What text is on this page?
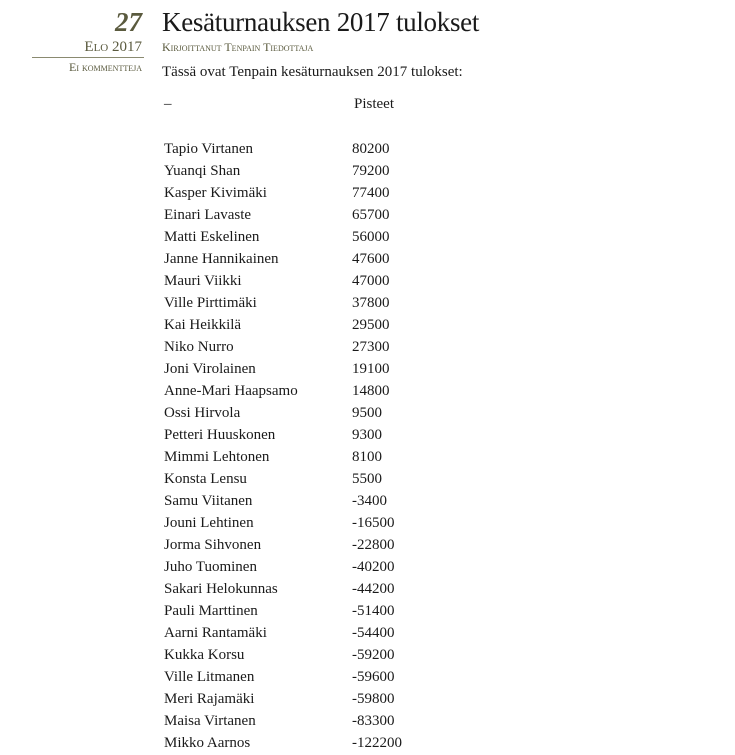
27
Elo 2017
Ei kommentteja
Kesäturnauksen 2017 tulokset
Kirjoittanut Tenpain Tiedottaja
Tässä ovat Tenpain kesäturnauksen 2017 tulokset:
–	Pisteet

Tapio Virtanen	80200
Yuanqi Shan	79200
Kasper Kivimäki	77400
Einari Lavaste	65700
Matti Eskelinen	56000
Janne Hannikainen	47600
Mauri Viikki	47000
Ville Pirttimäki	37800
Kai Heikkilä	29500
Niko Nurro	27300
Joni Virolainen	19100
Anne-Mari Haapsamo	14800
Ossi Hirvola	9500
Petteri Huuskonen	9300
Mimmi Lehtonen	8100
Konsta Lensu	5500
Samu Viitanen	-3400
Jouni Lehtinen	-16500
Jorma Sihvonen	-22800
Juho Tuominen	-40200
Sakari Helokunnas	-44200
Pauli Marttinen	-51400
Aarni Rantamäki	-54400
Kukka Korsu	-59200
Ville Litmanen	-59600
Meri Rajamäki	-59800
Maisa Virtanen	-83300
Mikko Aarnos	-122200
